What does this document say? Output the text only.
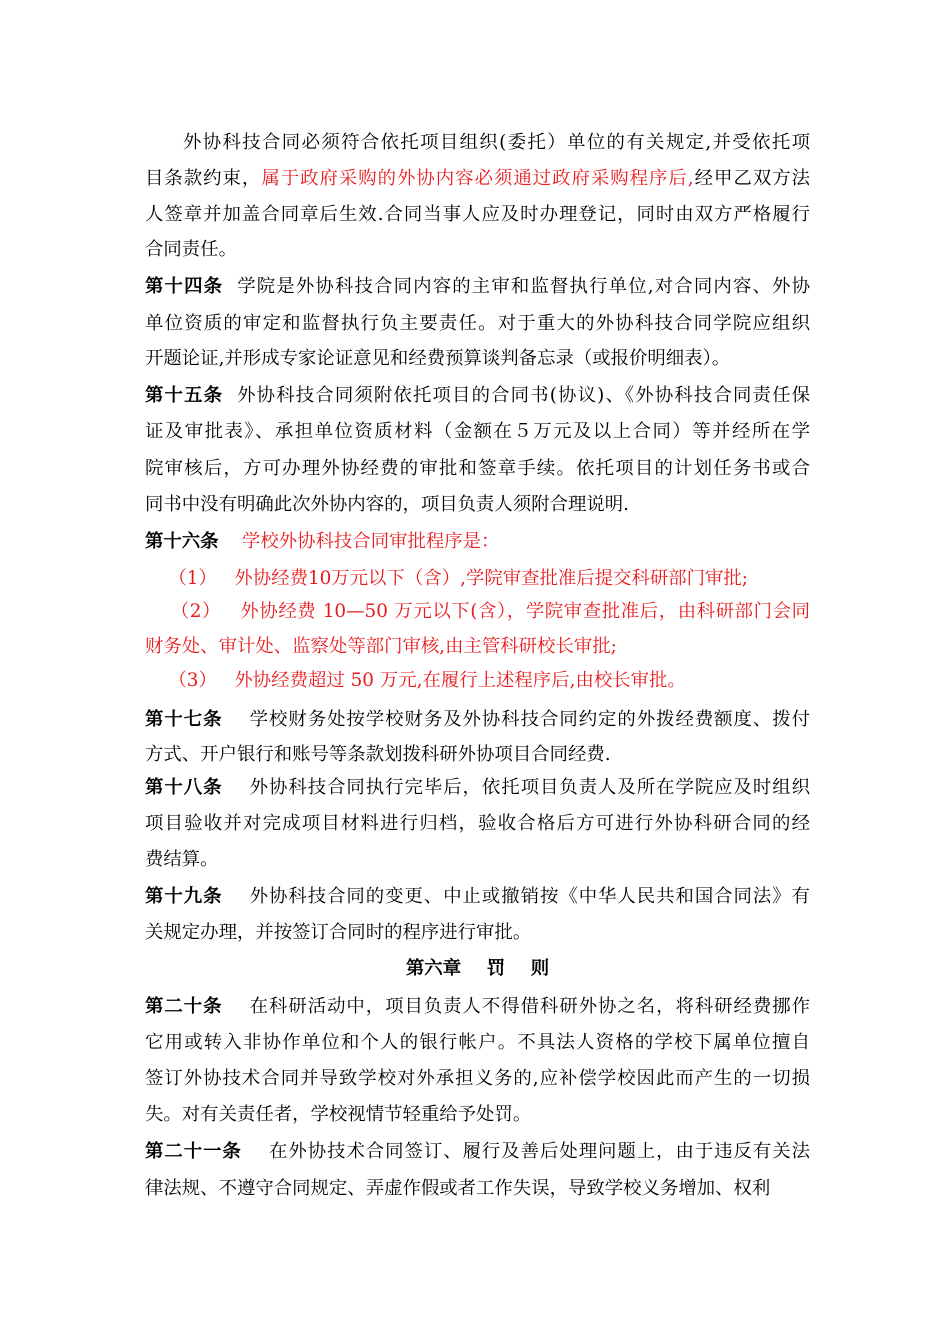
外协科技合同必须符合依托项目组织(委托）单位的有关规定,并受依托项
目条款约束，属于政府采购的外协内容必须通过政府采购程序后,经甲乙双方法
人签章并加盖合同章后生效.合同当事人应及时办理登记，同时由双方严格履行
合同责任。
第十四条  学院是外协科技合同内容的主审和监督执行单位,对合同内容、外协
单位资质的审定和监督执行负主要责任。对于重大的外协科技合同学院应组织
开题论证,并形成专家论证意见和经费预算谈判备忘录（或报价明细表）。
第十五条  外协科技合同须附依托项目的合同书(协议)、《外协科技合同责任保
证及审批表》、承担单位资质材料（金额在５万元及以上合同）等并经所在学
院审核后，方可办理外协经费的审批和签章手续。依托项目的计划任务书或合
同书中没有明确此次外协内容的，项目负责人须附合理说明.
第十六条    学校外协科技合同审批程序是：
（1）   外协经费10万元以下（含）,学院审查批准后提交科研部门审批;
（2）   外协经费 10—50 万元以下(含），学院审查批准后，由科研部门会同
财务处、审计处、监察处等部门审核,由主管科研校长审批;
（3）   外协经费超过 50 万元,在履行上述程序后,由校长审批。
第十七条    学校财务处按学校财务及外协科技合同约定的外拨经费额度、拨付
方式、开户银行和账号等条款划拨科研外协项目合同经费.
第十八条    外协科技合同执行完毕后，依托项目负责人及所在学院应及时组织
项目验收并对完成项目材料进行归档，验收合格后方可进行外协科研合同的经
费结算。
第十九条    外协科技合同的变更、中止或撤销按《中华人民共和国合同法》有
关规定办理，并按签订合同时的程序进行审批。
第二十条    在科研活动中，项目负责人不得借科研外协之名，将科研经费挪作
它用或转入非协作单位和个人的银行帐户。不具法人资格的学校下属单位擅自
签订外协技术合同并导致学校对外承担义务的,应补偿学校因此而产生的一切损
失。对有关责任者，学校视情节轻重给予处罚。
第二十一条    在外协技术合同签订、履行及善后处理问题上，由于违反有关法
律法规、不遵守合同规定、弄虚作假或者工作失误，导致学校义务增加、权利
第六章    罚    则
